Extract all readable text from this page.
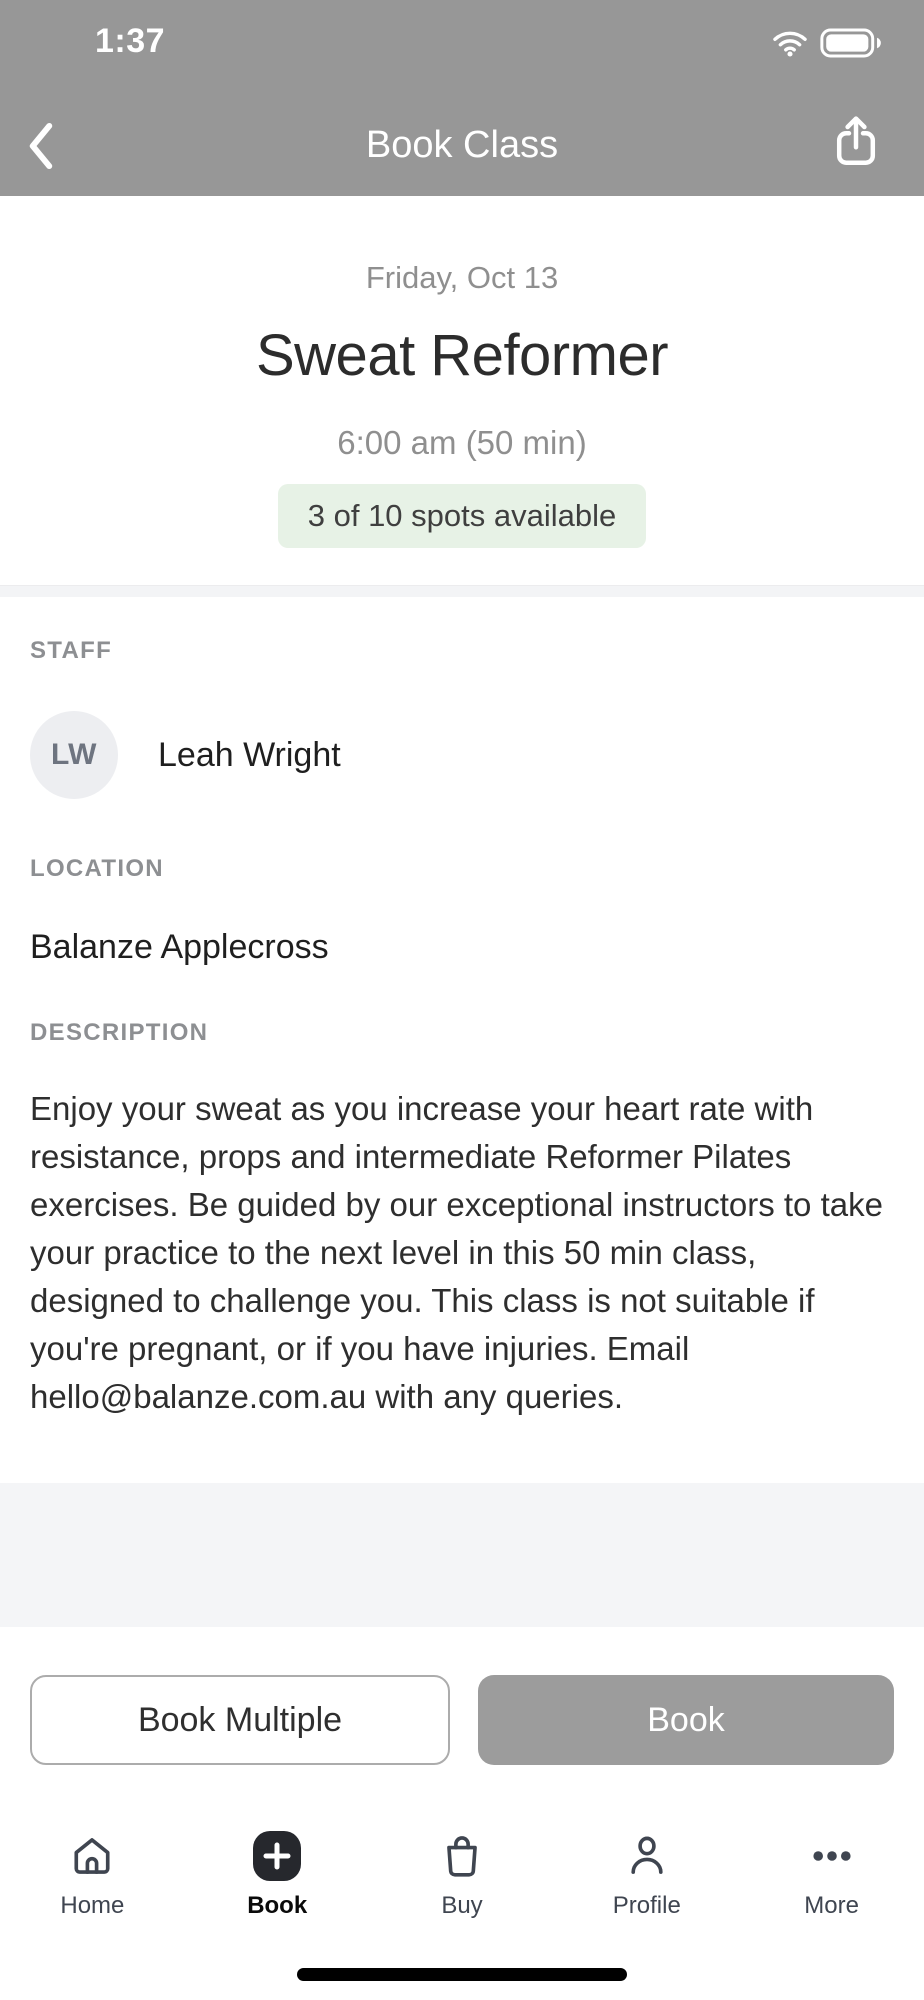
1:37
Book Class
Friday, Oct 13
Sweat Reformer
6:00 am (50 min)
3 of 10 spots available
STAFF
LW Leah Wright
LOCATION
Balanze Applecross
DESCRIPTION

Enjoy your sweat as you increase your heart rate with resistance, props and intermediate Reformer Pilates exercises. Be guided by our exceptional instructors to take your practice to the next level in this 50 min class, designed to challenge you. This class is not suitable if you're pregnant, or if you have injuries. Email hello@balanze.com.au with any queries.

Book Multiple	Book
Home	Book	Buy	Profile	More
